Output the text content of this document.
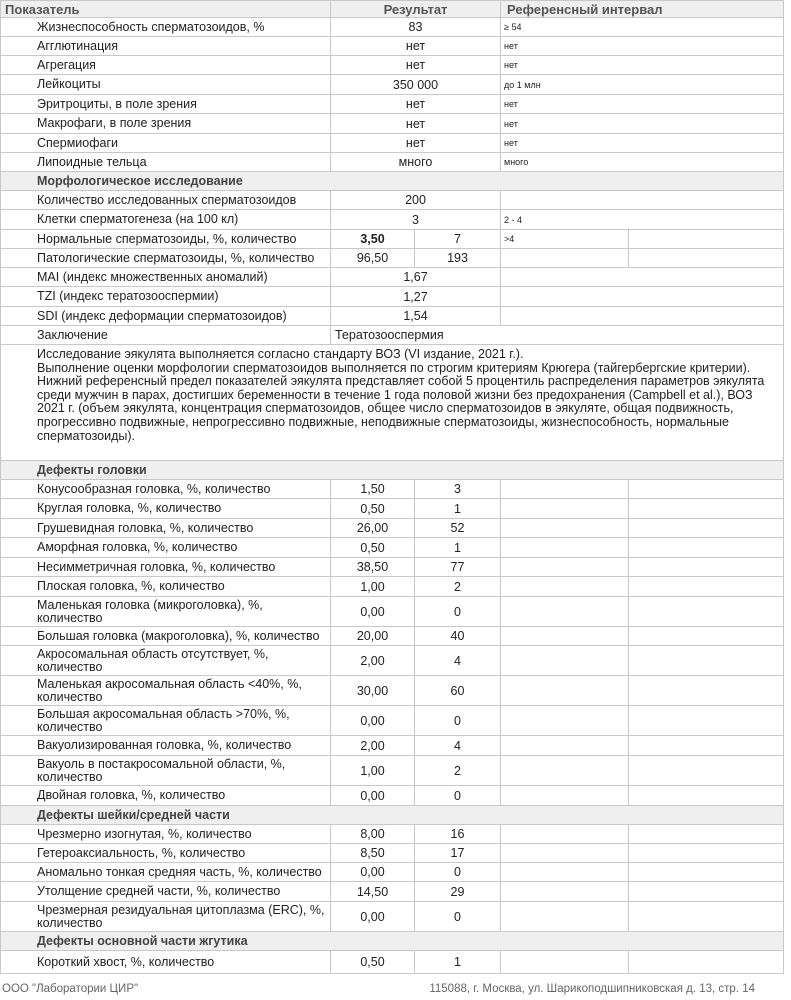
Показатель	Результат		Референсный интервал	
Жизнеспособность сперматозоидов, %	83		≥ 54	
Агглютинация	нет		нет	
Агрегация	нет		нет	
Лейкоциты	350 000		до 1 млн	
Эритроциты, в поле зрения	нет		нет	
Макрофаги, в поле зрения	нет		нет	
Спермиофаги	нет		нет	
Липоидные тельца	много		много	
Морфологическое исследование				
Количество исследованных сперматозоидов	200			
Клетки сперматогенеза (на 100 кл)	3		2 - 4	
Нормальные сперматозоиды, %, количество	3,50	7	>4	
Патологические сперматозоиды, %, количество	96,50	193		
MAI (индекс множественных аномалий)	1,67			
TZI (индекс тератозооспермии)	1,27			
SDI (индекс деформации сперматозоидов)	1,54			
Заключение	Тератозооспермия			

Исследование эякулята выполняется согласно стандарту ВОЗ (VI издание, 2021 г.).
Выполнение оценки морфологии сперматозоидов выполняется по строгим критериям Крюгера (тайгербергские критерии).
Нижний референсный предел показателей эякулята представляет собой 5 процентиль распределения параметров эякулята среди мужчин в парах, достигших беременности в течение 1 года половой жизни без предохранения (Campbell et al.), ВОЗ 2021 г. (объем эякулята, концентрация сперматозоидов, общее число сперматозоидов в эякуляте, общая подвижность, прогрессивно подвижные, непрогрессивно подвижные, неподвижные сперматозоиды, жизнеспособность, нормальные сперматозоиды).				

Дефекты головки				
Конусообразная головка, %, количество	1,50	3		
Круглая головка, %, количество	0,50	1		
Грушевидная головка, %, количество	26,00	52		
Аморфная головка, %, количество	0,50	1		
Несимметричная головка, %, количество	38,50	77		
Плоская головка, %, количество	1,00	2		
Маленькая головка (микроголовка), %, количество	0,00	0		
Большая головка (макроголовка), %, количество	20,00	40		
Акросомальная область отсутствует, %, количество	2,00	4		
Маленькая акросомальная область <40%, %, количество	30,00	60		
Большая акросомальная область >70%, %, количество	0,00	0		
Вакуолизированная головка, %, количество	2,00	4		
Вакуоль в постакросомальной области, %, количество	1,00	2		
Двойная головка, %, количество	0,00	0		
Дефекты шейки/средней части				
Чрезмерно изогнутая, %, количество	8,00	16		
Гетероаксиальность, %, количество	8,50	17		
Аномально тонкая средняя часть, %, количество	0,00	0		
Утолщение средней части, %, количество	14,50	29		
Чрезмерная резидуальная цитоплазма (ERC), %, количество	0,00	0		
Дефекты основной части жгутика				
Короткий хвост, %, количество	0,50	1		
ООО "Лаборатории ЦИР"	115088, г. Москва, ул. Шарикоподшипниковская д. 13, стр. 14
